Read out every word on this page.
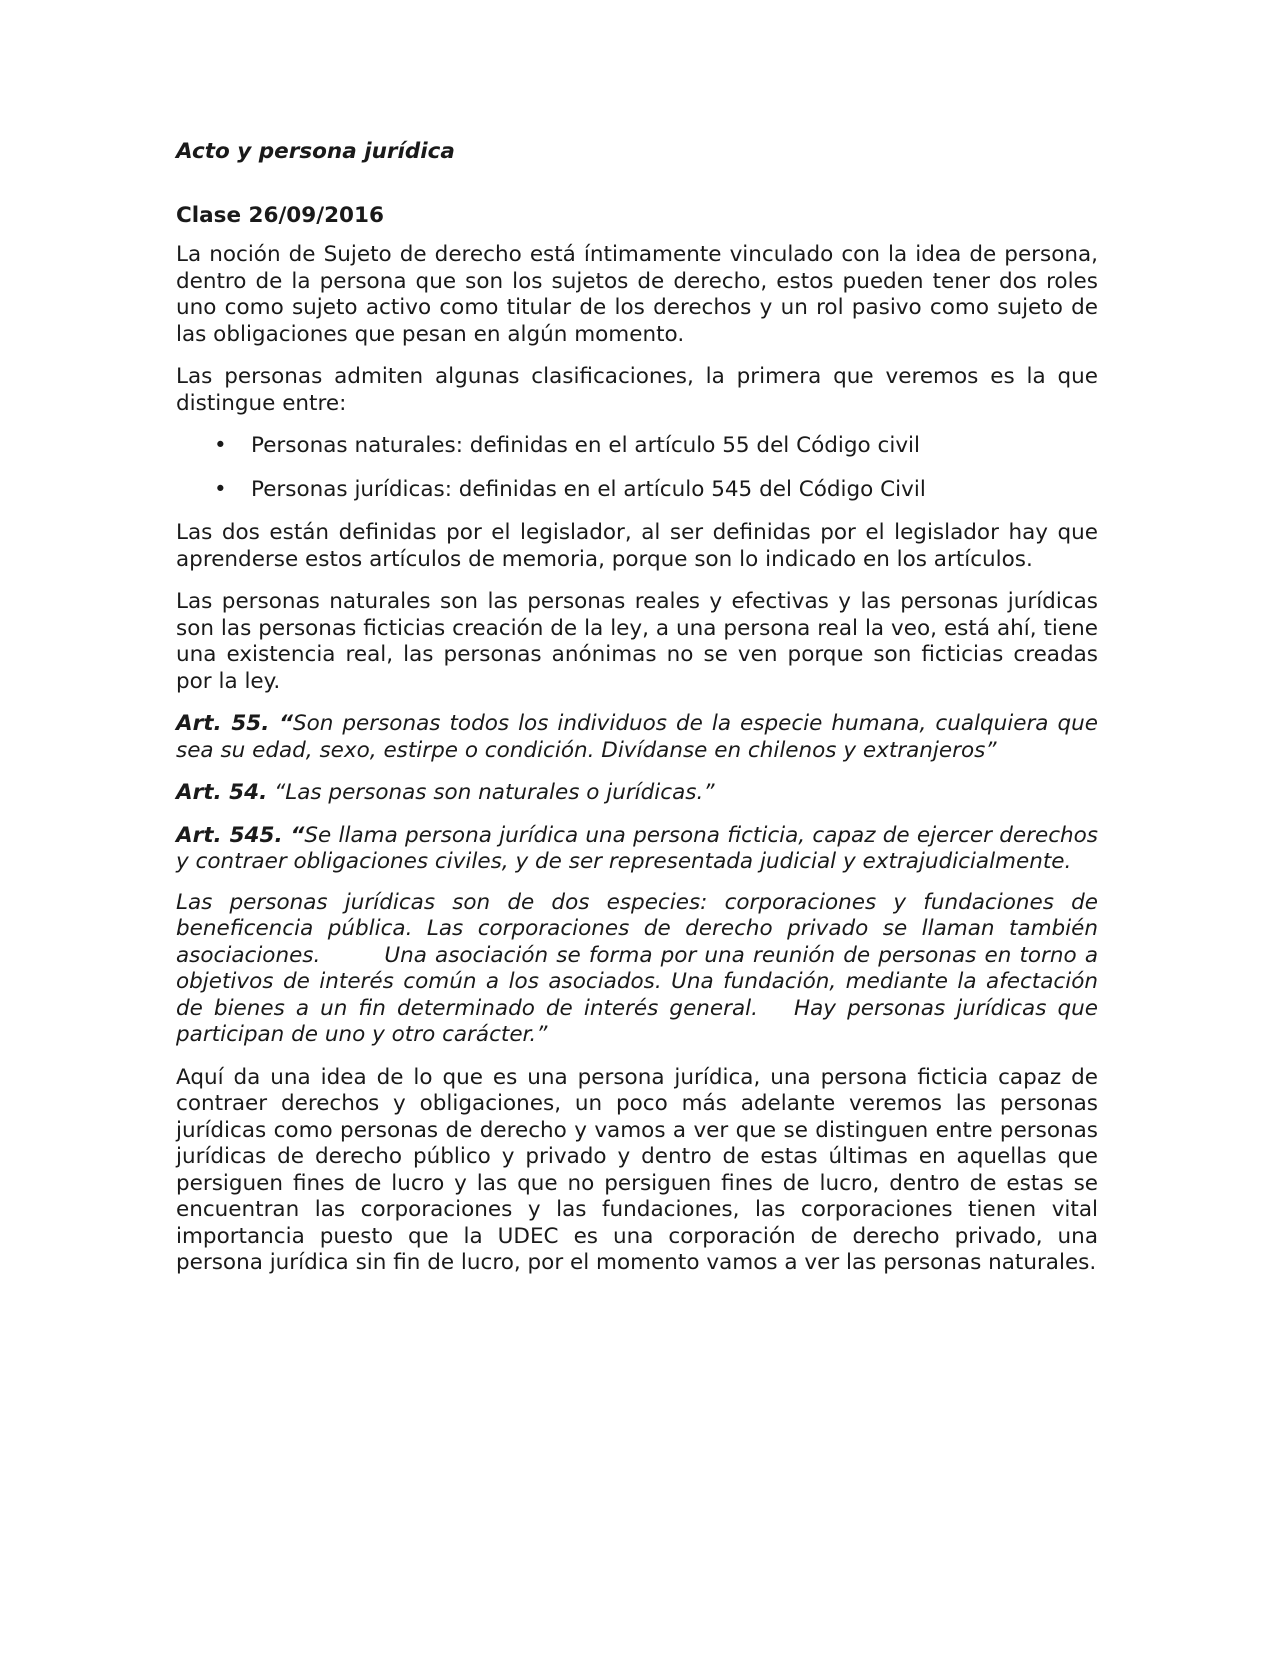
Acto y persona jurídica
Clase 26/09/2016

La noción de Sujeto de derecho está íntimamente vinculado con la idea de persona, dentro de la persona que son los sujetos de derecho, estos pueden tener dos roles uno como sujeto activo como titular de los derechos y un rol pasivo como sujeto de las obligaciones que pesan en algún momento.

Las personas admiten algunas clasificaciones, la primera que veremos es la que distingue entre:

• Personas naturales: definidas en el artículo 55 del Código civil
• Personas jurídicas: definidas en el artículo 545 del Código Civil

Las dos están definidas por el legislador, al ser definidas por el legislador hay que aprenderse estos artículos de memoria, porque son lo indicado en los artículos.

Las personas naturales son las personas reales y efectivas y las personas jurídicas son las personas ficticias creación de la ley, a una persona real la veo, está ahí, tiene una existencia real, las personas anónimas no se ven porque son ficticias creadas por la ley.

Art. 55. “Son personas todos los individuos de la especie humana, cualquiera que sea su edad, sexo, estirpe o condición. Divídanse en chilenos y extranjeros”

Art. 54. “Las personas son naturales o jurídicas.”

Art. 545. “Se llama persona jurídica una persona ficticia, capaz de ejercer derechos y contraer obligaciones civiles, y de ser representada judicial y extrajudicialmente.

Las personas jurídicas son de dos especies: corporaciones y fundaciones de beneficencia pública. Las corporaciones de derecho privado se llaman también asociaciones.	Una asociación se forma por una reunión de personas en torno a objetivos de interés común a los asociados. Una fundación, mediante la afectación de bienes a un fin determinado de interés general. Hay personas jurídicas que participan de uno y otro carácter.”

Aquí da una idea de lo que es una persona jurídica, una persona ficticia capaz de contraer derechos y obligaciones, un poco más adelante veremos las personas jurídicas como personas de derecho y vamos a ver que se distinguen entre personas jurídicas de derecho público y privado y dentro de estas últimas en aquellas que persiguen fines de lucro y las que no persiguen fines de lucro, dentro de estas se encuentran las corporaciones y las fundaciones, las corporaciones tienen vital importancia puesto que la UDEC es una corporación de derecho privado, una persona jurídica sin fin de lucro, por el momento vamos a ver las personas naturales.
